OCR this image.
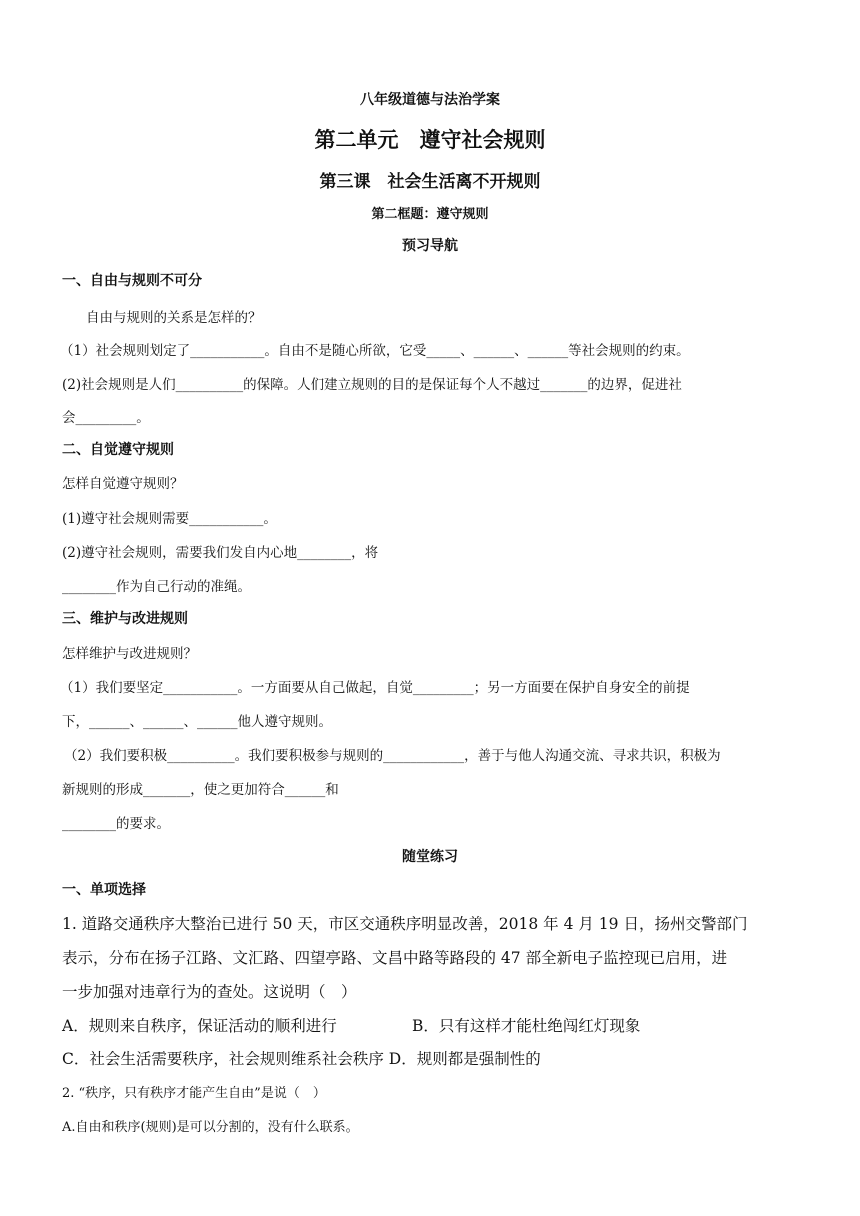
八年级道德与法治学案
第二单元　遵守社会规则
第三课　社会生活离不开规则
第二框题：遵守规则
预习导航
一、自由与规则不可分
自由与规则的关系是怎样的？
（1）社会规则划定了___________。自由不是随心所欲，它受_____、______、______等社会规则的约束。
(2)社会规则是人们__________的保障。人们建立规则的目的是保证每个人不越过_______的边界，促进社
会_________。
二、自觉遵守规则
怎样自觉遵守规则？
(1)遵守社会规则需要___________。
(2)遵守社会规则，需要我们发自内心地________，将
________作为自己行动的准绳。
三、维护与改进规则
怎样维护与改进规则？
（1）我们要坚定___________。一方面要从自己做起，自觉_________；另一方面要在保护自身安全的前提
下，______、______、______他人遵守规则。
（2）我们要积极__________。我们要积极参与规则的____________，善于与他人沟通交流、寻求共识，积极为
新规则的形成_______，使之更加符合______和
________的要求。
随堂练习
一、单项选择
1. 道路交通秩序大整治已进行 50 天，市区交通秩序明显改善，2018 年 4 月 19 日，扬州交警部门
表示，分布在扬子江路、文汇路、四望亭路、文昌中路等路段的 47 部全新电子监控现已启用，进
一步加强对违章行为的查处。这说明（　）
A．规则来自秩序，保证活动的顺利进行	B．只有这样才能杜绝闯红灯现象
C．社会生活需要秩序，社会规则维系社会秩序 D．规则都是强制性的
2. “秩序，只有秩序才能产生自由”是说（　）
A.自由和秩序(规则)是可以分割的，没有什么联系。
